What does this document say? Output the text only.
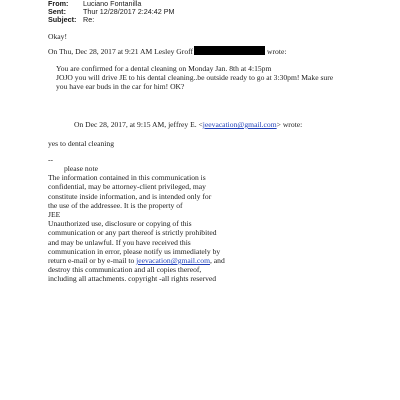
From:	Luciano Fontanilla
Sent:	Thur 12/28/2017 2:24:42 PM
Subject: Re:
Okay!
On Thu, Dec 28, 2017 at 9:21 AM Lesley Groff	wrote:
You are confirmed for a dental cleaning on Monday Jan. 8th at 4:15pm
JOJO you will drive JE to his dental cleaning..be outside ready to go at 3:30pm! Make sure
you have ear buds in the car for him! OK?
On Dec 28, 2017, at 9:15 AM, jeffrey E. <jeevacation@gmail.com> wrote:
yes to dental cleaning
--
please note
The information contained in this communication is
confidential, may be attorney-client privileged, may
constitute inside information, and is intended only for
the use of the addressee. It is the property of
JEE
Unauthorized use, disclosure or copying of this
communication or any part thereof is strictly prohibited
and may be unlawful. If you have received this
communication in error, please notify us immediately by
return e-mail or by e-mail to jeevacation@gmail.com, and
destroy this communication and all copies thereof,
including all attachments. copyright -all rights reserved
